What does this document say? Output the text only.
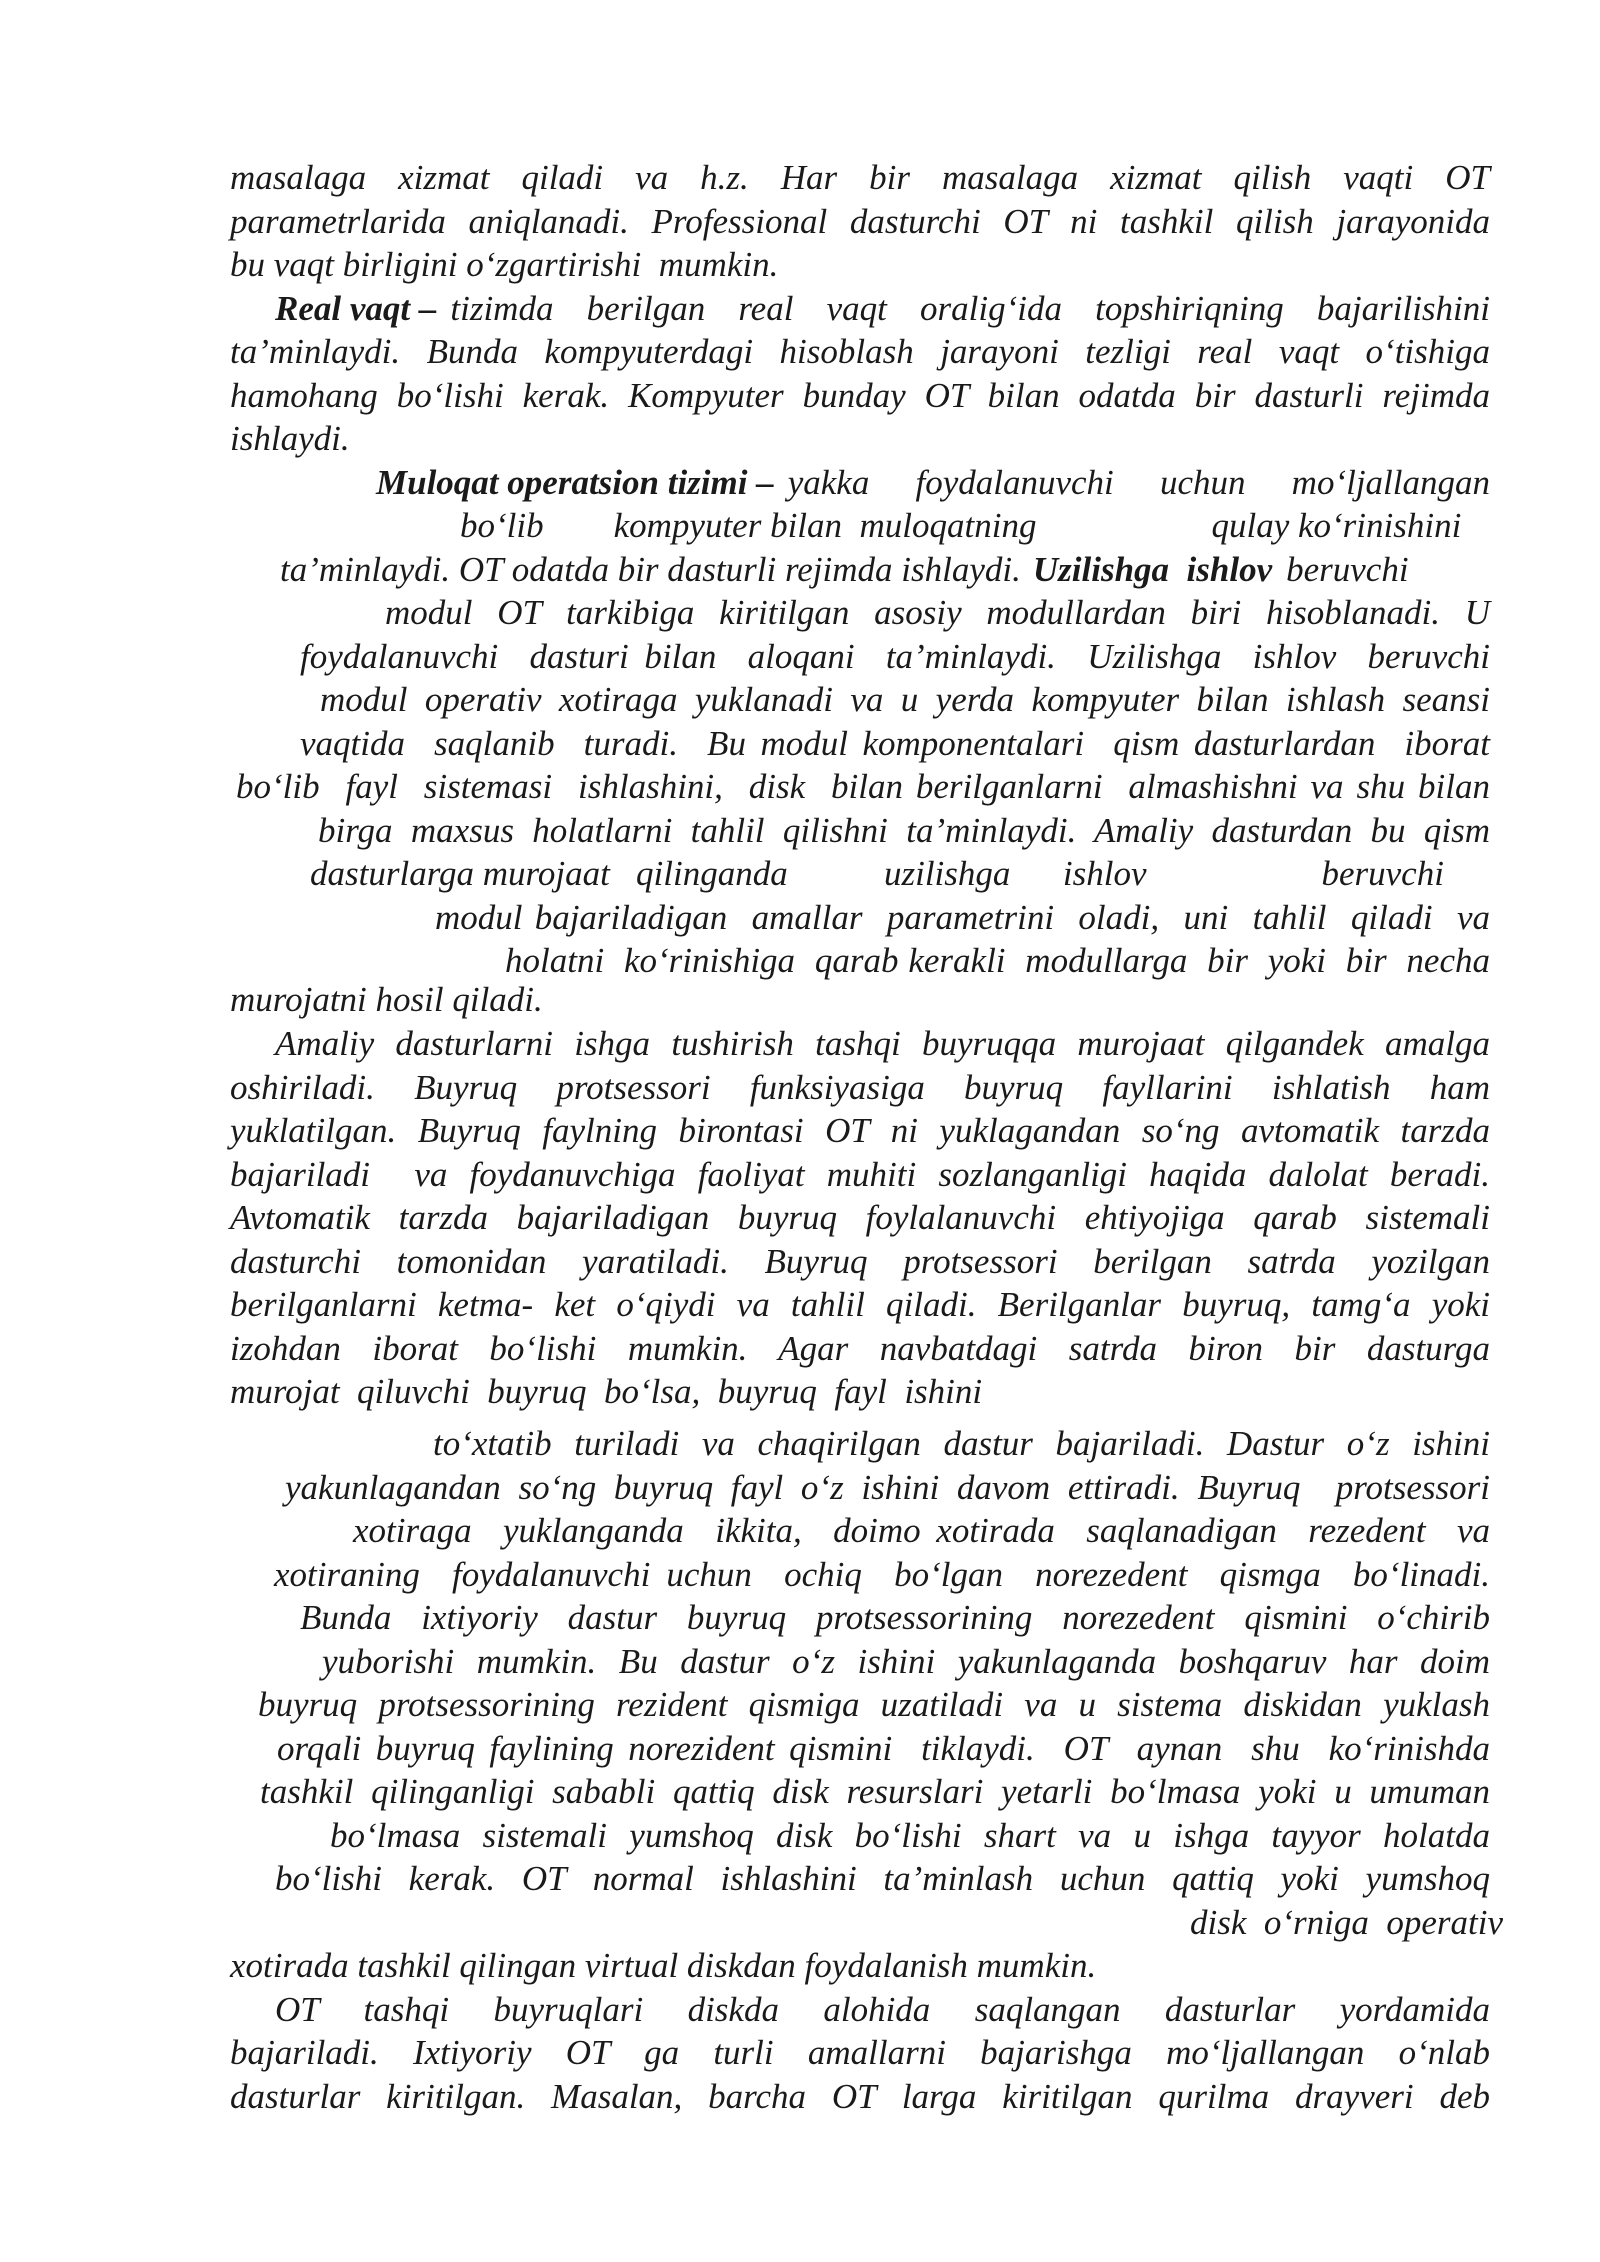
masalaga  xizmat  qiladi  va  h.z.  Har  bir  masalaga  xizmat  qilish  vaqti  OT

parametrlarida aniqlanadi. Professional dasturchi OT ni tashkil qilish jarayonida

bu vaqt birligini o‘zgartirishi  mumkin.

Real vaqt – tizimda  berilgan  real  vaqt  oralig‘ida  topshiriqning  bajarilishini

ta’minlaydi.  Bunda  kompyuterdagi  hisoblash  jarayoni  tezligi  real  vaqt  o‘tishiga

hamohang bo‘lishi kerak. Kompyuter bunday OT bilan odatda bir dasturli rejimda

ishlaydi.

Muloqat operatsion tizimi – yakka  foydalanuvchi  uchun  mo‘ljallangan

bo‘lib        kompyuter bilan  muloqatning                    qulay ko‘rinishini

ta’minlaydi. OT odatda bir dasturli rejimda ishlaydi. Uzilishga  ishlov beruvchi

modul  OT  tarkibiga  kiritilgan  asosiy  modullardan  biri  hisoblanadi.  U

foydalanuvchi  dasturi bilan  aloqani  ta’minlaydi.  Uzilishga  ishlov  beruvchi

modul operativ xotiraga yuklanadi va u yerda kompyuter bilan ishlash seansi

vaqtida  saqlanib  turadi.  Bu modul komponentalari  qism dasturlardan  iborat

bo‘lib  fayl  sistemasi  ishlashini,  disk  bilan berilganlarni  almashishni va shu bilan

birga maxsus holatlarni tahlil qilishni ta’minlaydi. Amaliy dasturdan bu qism

dasturlarga murojaat   qilinganda           uzilishga      ishlov                    beruvchi

modul bajariladigan  amallar  parametrini  oladi,  uni  tahlil  qiladi  va

holatni  ko‘rinishiga  qarab kerakli  modullarga  bir  yoki  bir  necha

murojatni hosil qiladi.

Amaliy dasturlarni ishga tushirish tashqi buyruqqa murojaat qilgandek amalga

oshiriladi.  Buyruq  protsessori  funksiyasiga  buyruq  fayllarini  ishlatish  ham

yuklatilgan. Buyruq faylning birontasi OT ni yuklagandan so‘ng avtomatik tarzda

bajariladi  va foydanuvchiga faoliyat muhiti sozlanganligi haqida dalolat beradi.

Avtomatik  tarzda  bajariladigan  buyruq  foylalanuvchi  ehtiyojiga  qarab  sistemali

dasturchi  tomonidan  yaratiladi.  Buyruq  protsessori  berilgan  satrda  yozilgan

berilganlarni  ketma-  ket  o‘qiydi  va  tahlil  qiladi.  Berilganlar  buyruq,  tamg‘a  yoki

izohdan  iborat  bo‘lishi  mumkin.  Agar  navbatdagi  satrda  biron  bir  dasturga

murojat  qiluvchi  buyruq  bo‘lsa,  buyruq  fayl  ishini

to‘xtatib  turiladi  va  chaqirilgan  dastur  bajariladi.  Dastur  o‘z  ishini

yakunlagandan so‘ng buyruq fayl o‘z ishini davom ettiradi. Buyruq  protsessori

xotiraga  yuklanganda  ikkita,  doimo xotirada  saqlanadigan  rezedent  va

xotiraning  foydalanuvchi uchun  ochiq  bo‘lgan  norezedent  qismga  bo‘linadi.

Bunda  ixtiyoriy  dastur  buyruq  protsessorining  norezedent  qismini  o‘chirib

yuborishi  mumkin.  Bu  dastur  o‘z  ishini  yakunlaganda  boshqaruv  har  doim

buyruq  protsessorining  rezident  qismiga  uzatiladi  va  u  sistema  diskidan  yuklash

orqali buyruq faylining norezident qismini  tiklaydi.  OT  aynan  shu  ko‘rinishda

tashkil qilinganligi sababli qattiq disk resurslari yetarli bo‘lmasa yoki u umuman

bo‘lmasa  sistemali  yumshoq  disk  bo‘lishi  shart  va  u  ishga  tayyor  holatda

bo‘lishi  kerak.  OT  normal  ishlashini  ta’minlash  uchun  qattiq  yoki  yumshoq

disk  o‘rniga  operativ

xotirada tashkil qilingan virtual diskdan foydalanish mumkin.

OT  tashqi  buyruqlari  diskda  alohida  saqlangan  dasturlar  yordamida

bajariladi.  Ixtiyoriy  OT  ga  turli  amallarni  bajarishga  mo‘ljallangan  o‘nlab

dasturlar  kiritilgan.  Masalan,  barcha  OT  larga  kiritilgan  qurilma  drayveri  deb
